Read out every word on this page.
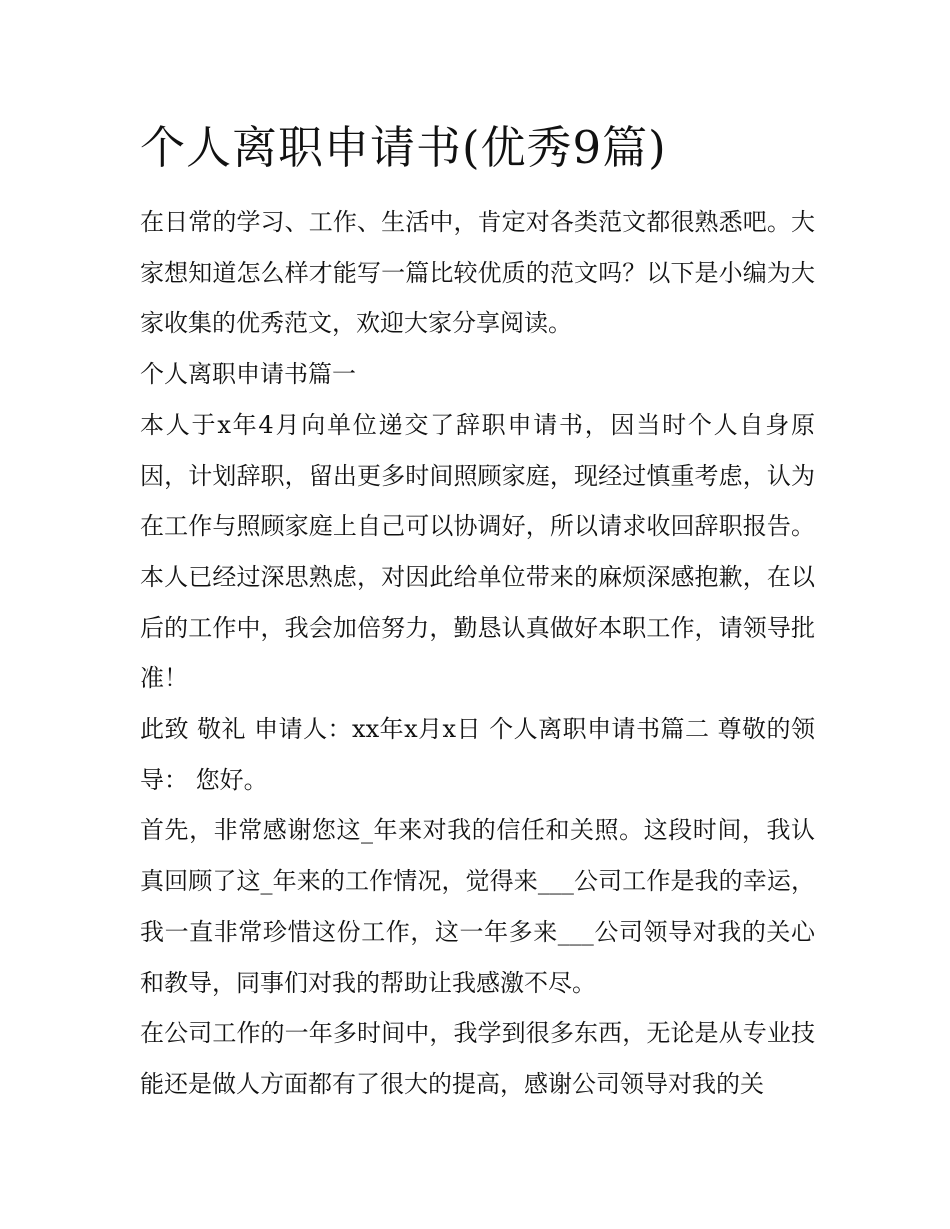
个人离职申请书(优秀9篇)

在日常的学习、工作、生活中，肯定对各类范文都很熟悉吧。大家想知道怎么样才能写一篇比较优质的范文吗？以下是小编为大家收集的优秀范文，欢迎大家分享阅读。

个人离职申请书篇一

本人于x年4月向单位递交了辞职申请书，因当时个人自身原因，计划辞职，留出更多时间照顾家庭，现经过慎重考虑，认为在工作与照顾家庭上自己可以协调好，所以请求收回辞职报告。本人已经过深思熟虑，对因此给单位带来的麻烦深感抱歉，在以后的工作中，我会加倍努力，勤恳认真做好本职工作，请领导批准！

此致 敬礼 申请人：xx年x月x日 个人离职申请书篇二 尊敬的领导： 您好。

首先，非常感谢您这_年来对我的信任和关照。这段时间，我认真回顾了这_年来的工作情况，觉得来___公司工作是我的幸运，我一直非常珍惜这份工作，这一年多来___公司领导对我的关心和教导，同事们对我的帮助让我感激不尽。

在公司工作的一年多时间中，我学到很多东西，无论是从专业技能还是做人方面都有了很大的提高，感谢公司领导对我的关
